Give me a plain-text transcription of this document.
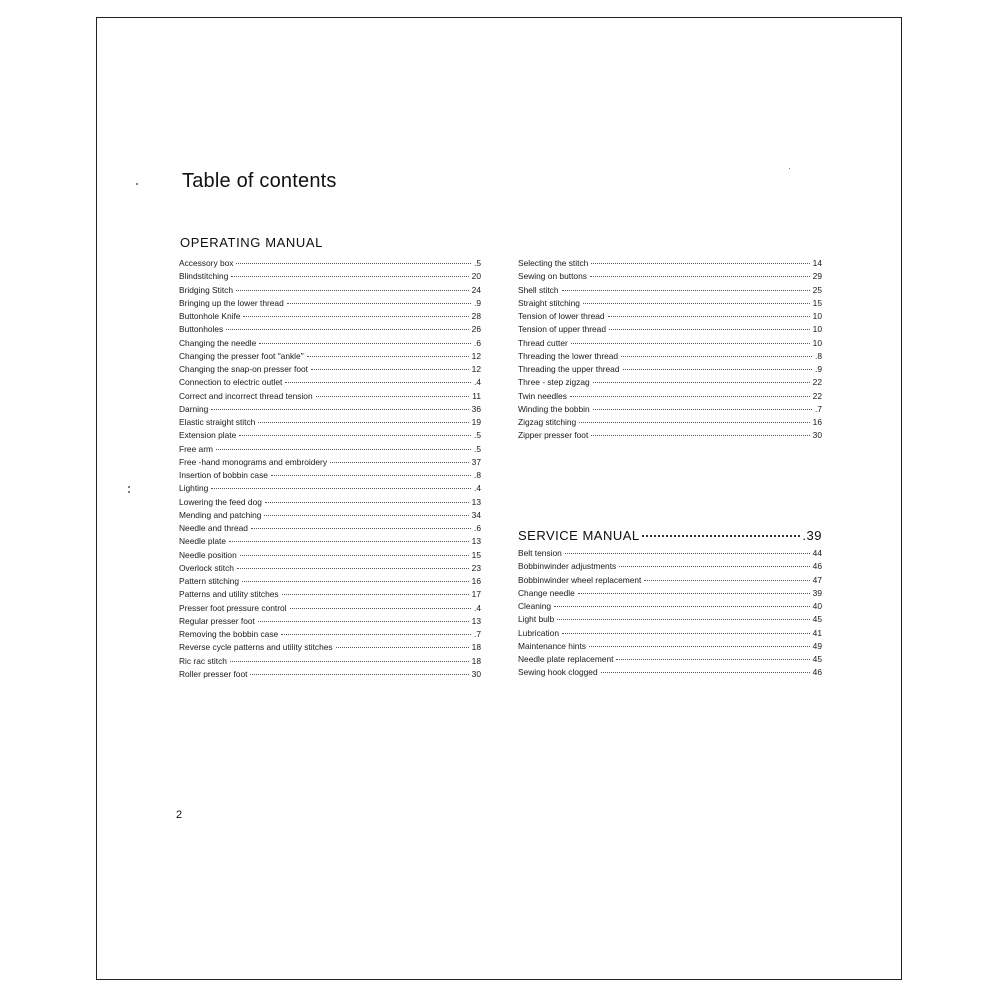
Table of contents
OPERATING MANUAL
Accessory box	.5
Blindstitching	20
Bridging Stitch	24
Bringing up the lower thread	.9
Buttonhole Knife	28
Buttonholes	26
Changing the needle	.6
Changing the presser foot "ankle"	12
Changing the snap-on presser foot	12
Connection to electric outlet	.4
Correct and incorrect thread tension	11
Darning	36
Elastic straight stitch	19
Extension plate	.5
Free arm	.5
Free -hand monograms and embroidery	37
Insertion of bobbin case	.8
Lighting	.4
Lowering the feed dog	13
Mending and patching	34
Needle and thread	.6
Needle plate	13
Needle position	15
Overlock stitch	23
Pattern stitching	16
Patterns and utility stitches	17
Presser foot pressure control	.4
Regular presser foot	13
Removing the bobbin case	.7
Reverse cycle patterns and utility stitches	18
Ric rac stitch	18
Roller presser foot	30
Selecting the stitch	14
Sewing on buttons	29
Shell stitch	25
Straight stitching	15
Tension of lower thread	10
Tension of upper thread	10
Thread cutter	10
Threading the lower thread	.8
Threading the upper thread	.9
Three - step zigzag	22
Twin needles	22
Winding the bobbin	.7
Zigzag stitching	16
Zipper presser foot	30
SERVICE MANUAL	.39
Belt tension	44
Bobbinwinder adjustments	46
Bobbinwinder wheel replacement	47
Change needle	39
Cleaning	40
Light bulb	45
Lubrication	41
Maintenance hints	49
Needle plate replacement	45
Sewing hook clogged	46
2
